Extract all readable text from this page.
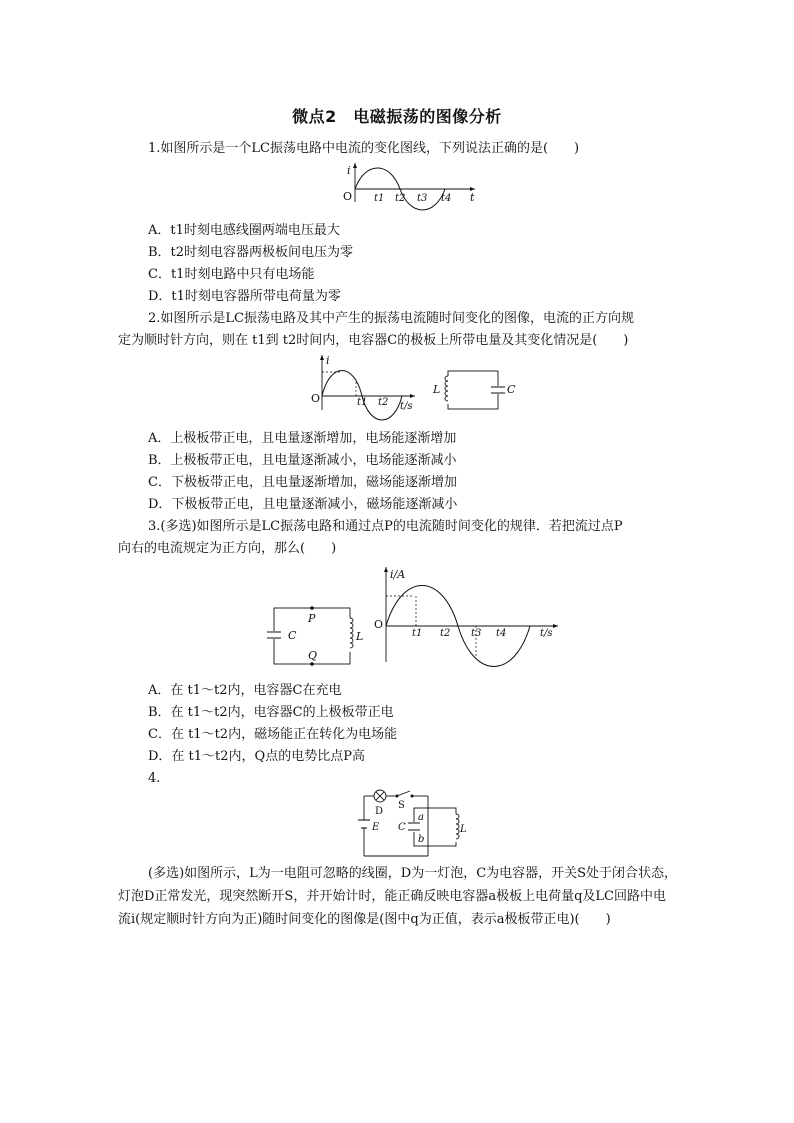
微点2　电磁振荡的图像分析
1.如图所示是一个LC振荡电路中电流的变化图线，下列说法正确的是(　　)
i
O	t
t1 t2 t3 t4
A．t1时刻电感线圈两端电压最大
B．t2时刻电容器两极板间电压为零
C．t1时刻电路中只有电场能
D．t1时刻电容器所带电荷量为零
2.如图所示是LC振荡电路及其中产生的振荡电流随时间变化的图像，电流的正方向规
定为顺时针方向，则在 t1到 t2时间内，电容器C的极板上所带电量及其变化情况是(　　)
i
O
t/s
t1 t2
L	C
A．上极板带正电，且电量逐渐增加，电场能逐渐增加
B．上极板带正电，且电量逐渐减小，电场能逐渐减小
C．下极板带正电，且电量逐渐增加，磁场能逐渐增加
D．下极板带正电，且电量逐渐减小，磁场能逐渐减小
3.(多选)如图所示是LC振荡电路和通过点P的电流随时间变化的规律．若把流过点P
向右的电流规定为正方向，那么(　　)
P
Q
C	L
i/A
O
t/s
t1 t2 t3 t4
A．在 t1～t2内，电容器C在充电
B．在 t1～t2内，电容器C的上极板带正电
C．在 t1～t2内，磁场能正在转化为电场能
D．在 t1～t2内，Q点的电势比点P高
4.
D
S
E
a
b
C	L
(多选)如图所示，L为一电阻可忽略的线圈，D为一灯泡，C为电容器，开关S处于闭合状态，灯泡D正常发光，现突然断开S，并开始计时，能正确反映电容器a极板上电荷量q及LC回路中电流i(规定顺时针方向为正)随时间变化的图像是(图中q为正值，表示a极板带正电)(　　)
